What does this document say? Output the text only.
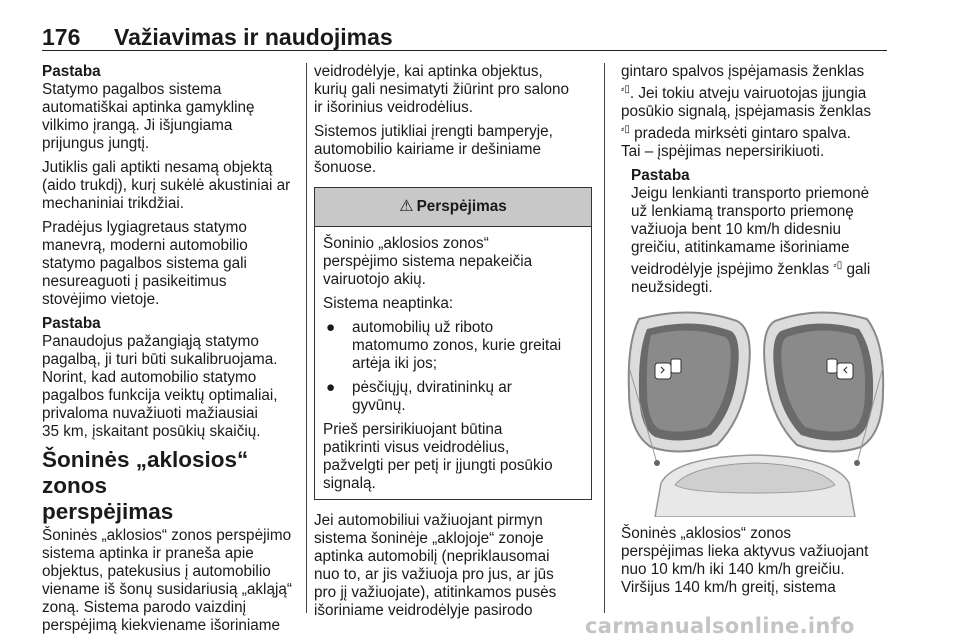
176 Važiavimas ir naudojimas
Pastaba
Statymo pagalbos sistema
automatiškai aptinka gamyklinę
vilkimo įrangą. Ji išjungiama
prijungus jungtį.
Jutiklis gali aptikti nesamą objektą
(aido trukdį), kurį sukėlė akustiniai ar
mechaniniai trikdžiai.
Pradėjus lygiagretaus statymo
manevrą, moderni automobilio
statymo pagalbos sistema gali
nesureaguoti į pasikeitimus
stovėjimo vietoje.
Pastaba
Panaudojus pažangiąją statymo
pagalbą, ji turi būti sukalibruojama.
Norint, kad automobilio statymo
pagalbos funkcija veiktų optimaliai,
privaloma nuvažiuoti mažiausiai
35 km, įskaitant posūkių skaičių.
Šoninės „aklosios“ zonos
perspėjimas
Šoninės „aklosios“ zonos perspėjimo
sistema aptinka ir praneša apie
objektus, patekusius į automobilio
viename iš šonų susidariusią „akląją“
zoną. Sistema parodo vaizdinį
perspėjimą kiekviename išoriniame
veidrodėlyje, kai aptinka objektus,
kurių gali nesimatyti žiūrint pro salono
ir išorinius veidrodėlius.
Sistemos jutikliai įrengti bamperyje,
automobilio kairiame ir dešiniame
šonuose.
⚠ Perspėjimas
Šoninio „aklosios zonos“
perspėjimo sistema nepakeičia
vairuotojo akių.
Sistema neaptinka:
●	automobilių už riboto
matomumo zonos, kurie greitai
artėja iki jos;
●	pėsčiųjų, dviratininkų ar
gyvūnų.
Prieš persirikiuojant būtina
patikrinti visus veidrodėlius,
pažvelgti per petį ir įjungti posūkio
signalą.
Jei automobiliui važiuojant pirmyn
sistema šoninėje „aklojoje“ zonoje
aptinka automobilį (nepriklausomai
nuo to, ar jis važiuoja pro jus, ar jūs
pro jį važiuojate), atitinkamos pusės
išoriniame veidrodėlyje pasirodo
gintaro spalvos įspėjamasis ženklas
⸗▯. Jei tokiu atveju vairuotojas įjungia
posūkio signalą, įspėjamasis ženklas
⸗▯ pradeda mirksėti gintaro spalva.
Tai – įspėjimas nepersirikiuoti.
Pastaba
Jeigu lenkianti transporto priemonė
už lenkiamą transporto priemonę
važiuoja bent 10 km/h didesniu
greičiu, atitinkamame išoriniame
veidrodėlyje įspėjimo ženklas ⸗▯ gali
neužsidegti.
Šoninės „aklosios“ zonos
perspėjimas lieka aktyvus važiuojant
nuo 10 km/h iki 140 km/h greičiu.
Viršijus 140 km/h greitį, sistema
carmanualsonline.info
